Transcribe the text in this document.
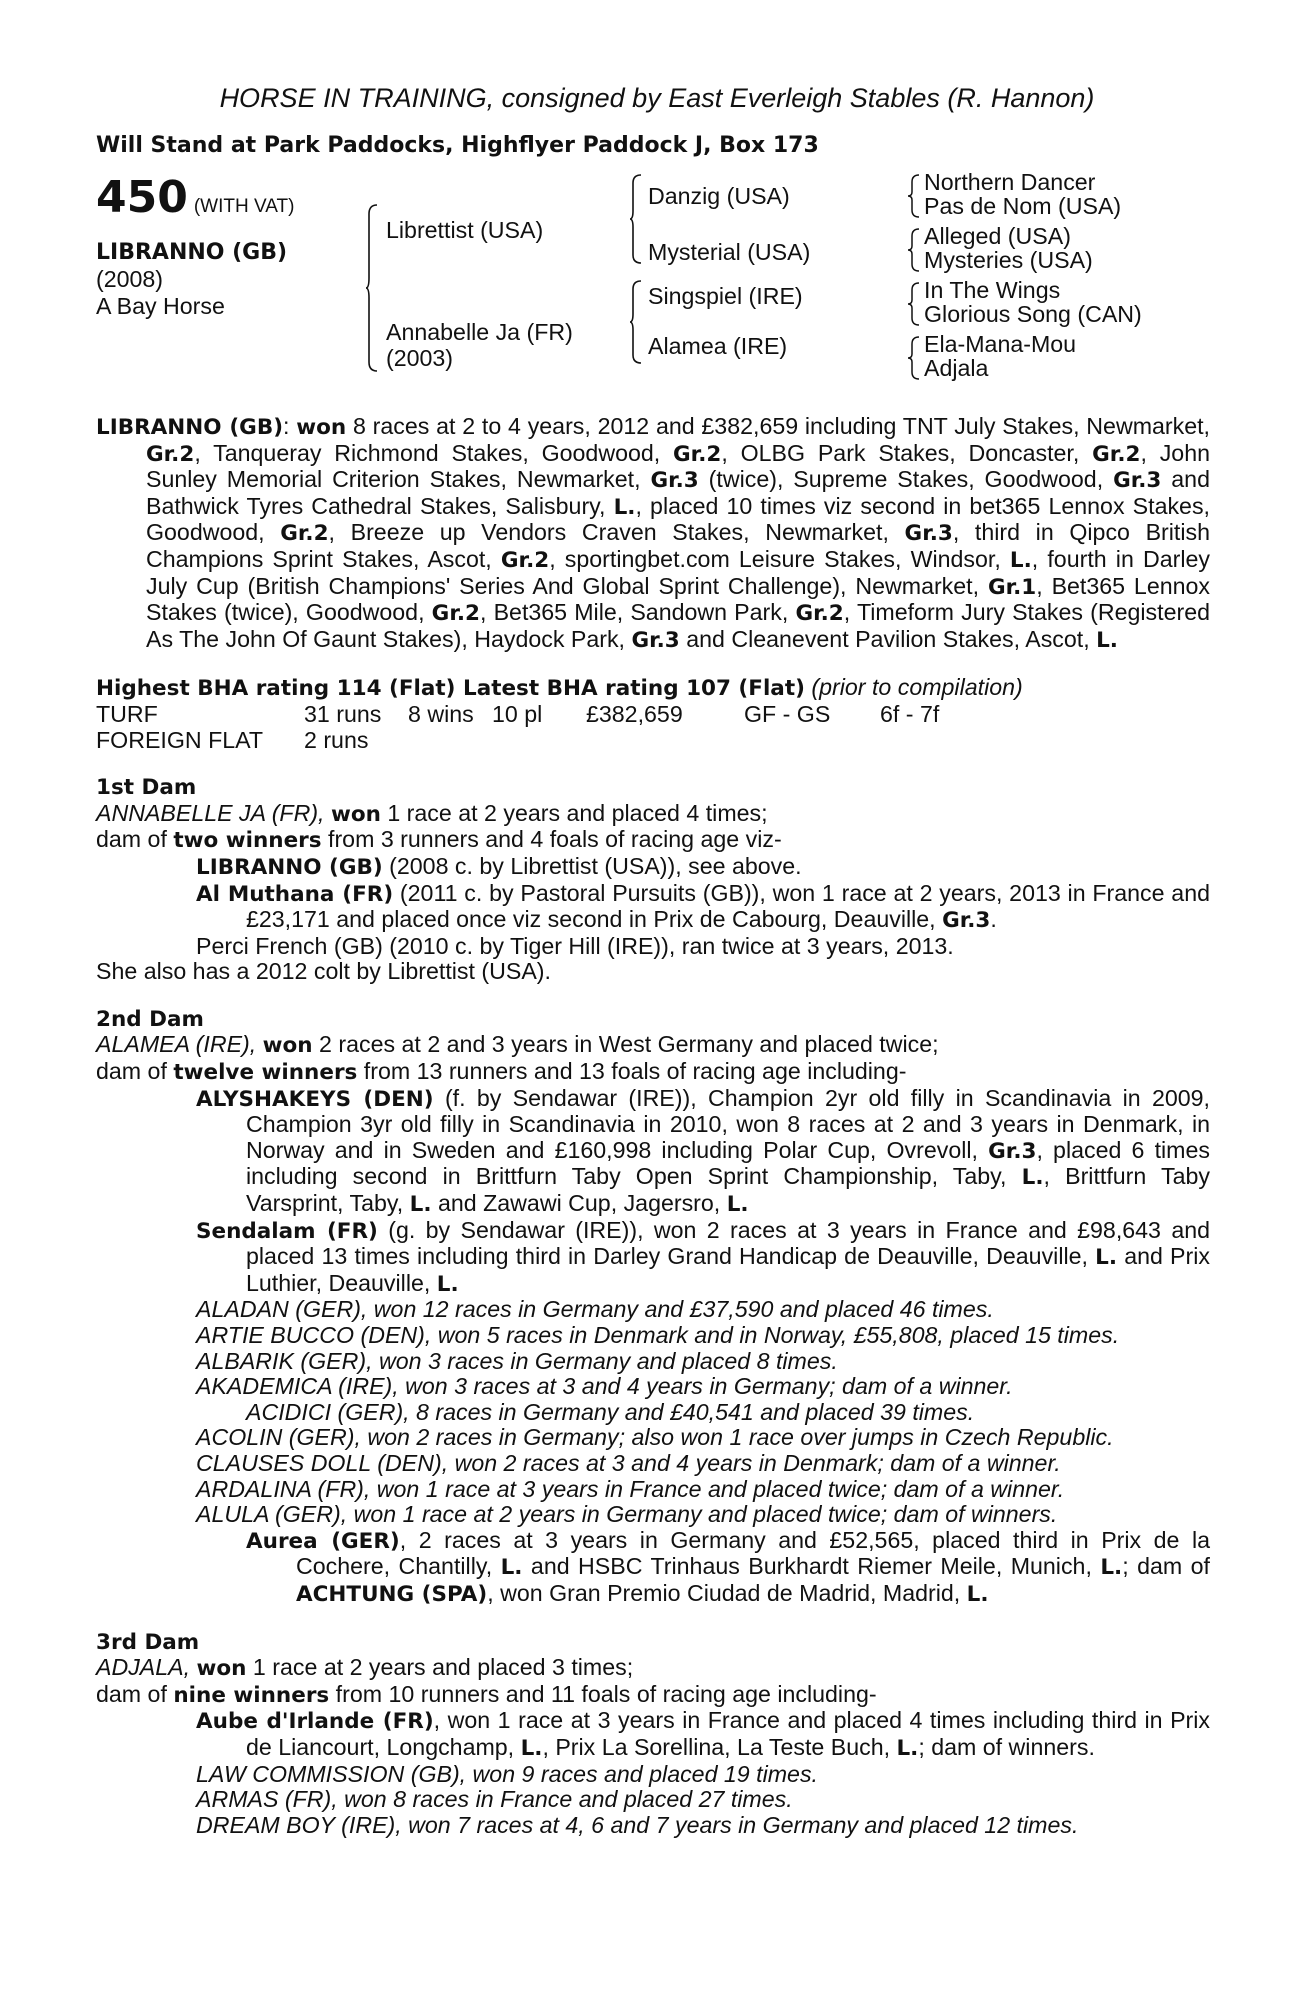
HORSE IN TRAINING, consigned by East Everleigh Stables (R. Hannon)
Will Stand at Park Paddocks, Highflyer Paddock J, Box 173
450 (WITH VAT)
LIBRANNO (GB)
(2008)
A Bay Horse
Librettist (USA)
Annabelle Ja (FR)
(2003)
Danzig (USA)
Mysterial (USA)
Singspiel (IRE)
Alamea (IRE)
Northern Dancer
Pas de Nom (USA)
Alleged (USA)
Mysteries (USA)
In The Wings
Glorious Song (CAN)
Ela-Mana-Mou
Adjala

LIBRANNO (GB): won 8 races at 2 to 4 years, 2012 and £382,659 including TNT July Stakes, Newmarket, Gr.2, Tanqueray Richmond Stakes, Goodwood, Gr.2, OLBG Park Stakes, Doncaster, Gr.2, John Sunley Memorial Criterion Stakes, Newmarket, Gr.3 (twice), Supreme Stakes, Goodwood, Gr.3 and Bathwick Tyres Cathedral Stakes, Salisbury, L., placed 10 times viz second in bet365 Lennox Stakes, Goodwood, Gr.2, Breeze up Vendors Craven Stakes, Newmarket, Gr.3, third in Qipco British Champions Sprint Stakes, Ascot, Gr.2, sportingbet.com Leisure Stakes, Windsor, L., fourth in Darley July Cup (British Champions' Series And Global Sprint Challenge), Newmarket, Gr.1, Bet365 Lennox Stakes (twice), Goodwood, Gr.2, Bet365 Mile, Sandown Park, Gr.2, Timeform Jury Stakes (Registered As The John Of Gaunt Stakes), Haydock Park, Gr.3 and Cleanevent Pavilion Stakes, Ascot, L.

Highest BHA rating 114 (Flat) Latest BHA rating 107 (Flat) (prior to compilation)

TURF	31 runs	8 wins	10 pl	£382,659	GF - GS	6f - 7f
FOREIGN FLAT	2 runs					

1st Dam

ANNABELLE JA (FR), won 1 race at 2 years and placed 4 times;

dam of two winners from 3 runners and 4 foals of racing age viz-

LIBRANNO (GB) (2008 c. by Librettist (USA)), see above.

Al Muthana (FR) (2011 c. by Pastoral Pursuits (GB)), won 1 race at 2 years, 2013 in France and £23,171 and placed once viz second in Prix de Cabourg, Deauville, Gr.3.

Perci French (GB) (2010 c. by Tiger Hill (IRE)), ran twice at 3 years, 2013.

She also has a 2012 colt by Librettist (USA).

2nd Dam

ALAMEA (IRE), won 2 races at 2 and 3 years in West Germany and placed twice;

dam of twelve winners from 13 runners and 13 foals of racing age including-

ALYSHAKEYS (DEN) (f. by Sendawar (IRE)), Champion 2yr old filly in Scandinavia in 2009, Champion 3yr old filly in Scandinavia in 2010, won 8 races at 2 and 3 years in Denmark, in Norway and in Sweden and £160,998 including Polar Cup, Ovrevoll, Gr.3, placed 6 times including second in Brittfurn Taby Open Sprint Championship, Taby, L., Brittfurn Taby Varsprint, Taby, L. and Zawawi Cup, Jagersro, L.

Sendalam (FR) (g. by Sendawar (IRE)), won 2 races at 3 years in France and £98,643 and placed 13 times including third in Darley Grand Handicap de Deauville, Deauville, L. and Prix Luthier, Deauville, L.

ALADAN (GER), won 12 races in Germany and £37,590 and placed 46 times.

ARTIE BUCCO (DEN), won 5 races in Denmark and in Norway, £55,808, placed 15 times.

ALBARIK (GER), won 3 races in Germany and placed 8 times.

AKADEMICA (IRE), won 3 races at 3 and 4 years in Germany; dam of a winner.

ACIDICI (GER), 8 races in Germany and £40,541 and placed 39 times.

ACOLIN (GER), won 2 races in Germany; also won 1 race over jumps in Czech Republic.

CLAUSES DOLL (DEN), won 2 races at 3 and 4 years in Denmark; dam of a winner.

ARDALINA (FR), won 1 race at 3 years in France and placed twice; dam of a winner.

ALULA (GER), won 1 race at 2 years in Germany and placed twice; dam of winners.

Aurea (GER), 2 races at 3 years in Germany and £52,565, placed third in Prix de la Cochere, Chantilly, L. and HSBC Trinhaus Burkhardt Riemer Meile, Munich, L.; dam of ACHTUNG (SPA), won Gran Premio Ciudad de Madrid, Madrid, L.

3rd Dam

ADJALA, won 1 race at 2 years and placed 3 times;

dam of nine winners from 10 runners and 11 foals of racing age including-

Aube d'Irlande (FR), won 1 race at 3 years in France and placed 4 times including third in Prix de Liancourt, Longchamp, L., Prix La Sorellina, La Teste Buch, L.; dam of winners.

LAW COMMISSION (GB), won 9 races and placed 19 times.

ARMAS (FR), won 8 races in France and placed 27 times.

DREAM BOY (IRE), won 7 races at 4, 6 and 7 years in Germany and placed 12 times.
